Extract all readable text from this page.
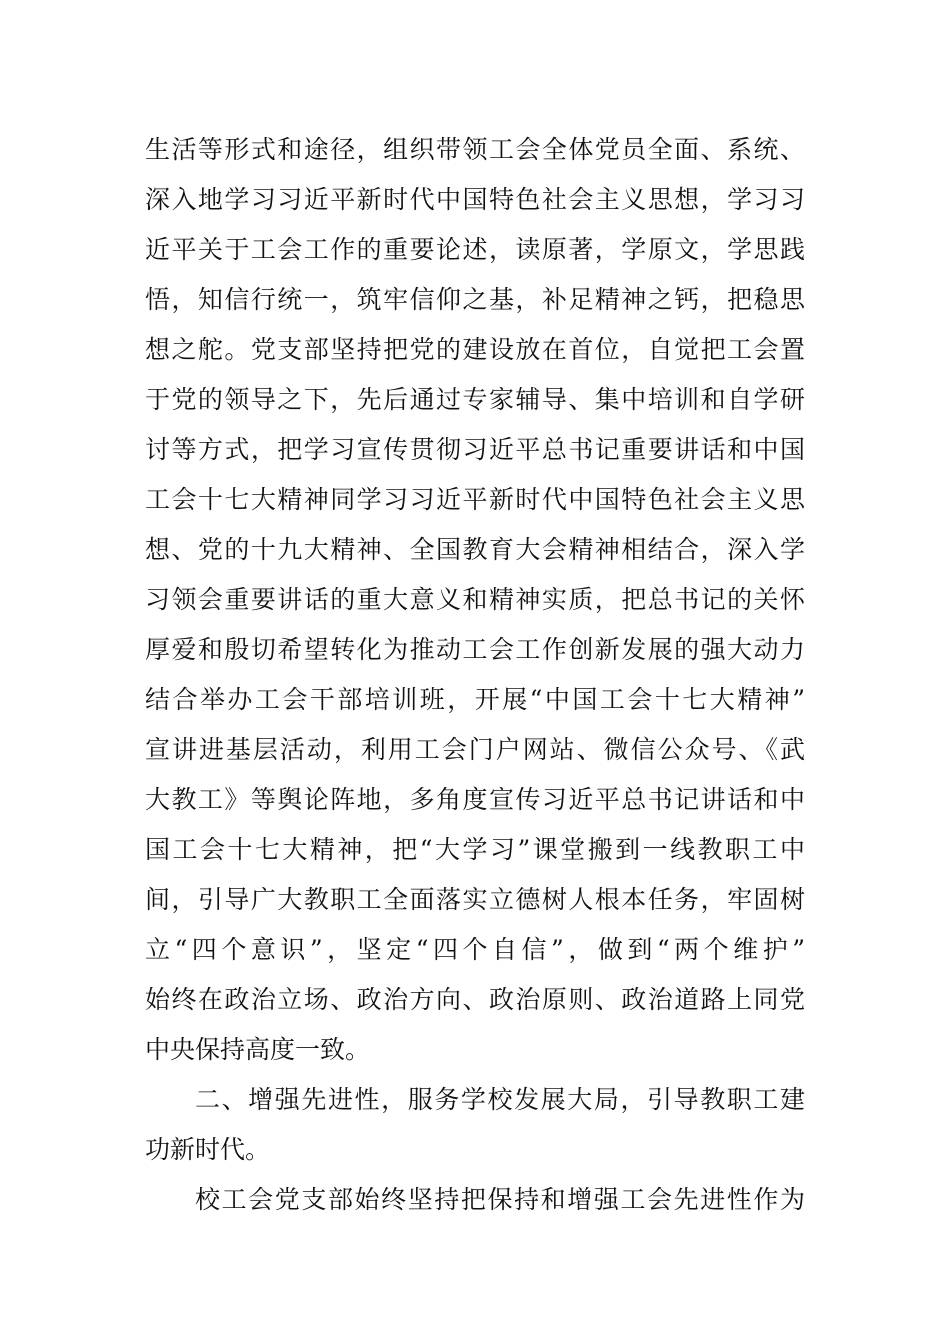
生活等形式和途径，组织带领工会全体党员全面、系统、
深入地学习习近平新时代中国特色社会主义思想，学习习
近平关于工会工作的重要论述，读原著，学原文，学思践
悟，知信行统一，筑牢信仰之基，补足精神之钙，把稳思
想之舵。党支部坚持把党的建设放在首位，自觉把工会置
于党的领导之下，先后通过专家辅导、集中培训和自学研
讨等方式，把学习宣传贯彻习近平总书记重要讲话和中国
工会十七大精神同学习习近平新时代中国特色社会主义思
想、党的十九大精神、全国教育大会精神相结合，深入学
习领会重要讲话的重大意义和精神实质，把总书记的关怀
厚爱和殷切希望转化为推动工会工作创新发展的强大动力
结合举办工会干部培训班，开展“中国工会十七大精神”
宣讲进基层活动，利用工会门户网站、微信公众号、《武
大教工》等舆论阵地，多角度宣传习近平总书记讲话和中
国工会十七大精神，把“大学习”课堂搬到一线教职工中
间，引导广大教职工全面落实立德树人根本任务，牢固树
立“四个意识”，坚定“四个自信”，做到“两个维护”
始终在政治立场、政治方向、政治原则、政治道路上同党
中央保持高度一致。
二、增强先进性，服务学校发展大局，引导教职工建
功新时代。
校工会党支部始终坚持把保持和增强工会先进性作为
